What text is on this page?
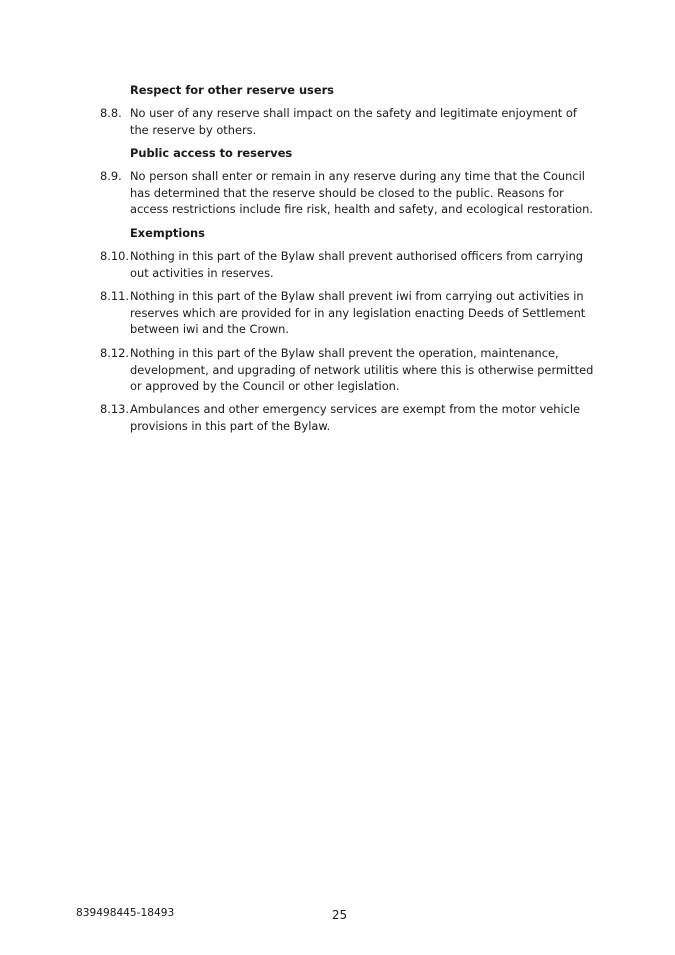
Respect for other reserve users
8.8. No user of any reserve shall impact on the safety and legitimate enjoyment of the reserve by others.
Public access to reserves
8.9. No person shall enter or remain in any reserve during any time that the Council has determined that the reserve should be closed to the public. Reasons for access restrictions include fire risk, health and safety, and ecological restoration.
Exemptions
8.10. Nothing in this part of the Bylaw shall prevent authorised officers from carrying out activities in reserves.
8.11. Nothing in this part of the Bylaw shall prevent iwi from carrying out activities in reserves which are provided for in any legislation enacting Deeds of Settlement between iwi and the Crown.
8.12. Nothing in this part of the Bylaw shall prevent the operation, maintenance, development, and upgrading of network utilitis where this is otherwise permitted or approved by the Council or other legislation.
8.13. Ambulances and other emergency services are exempt from the motor vehicle provisions in this part of the Bylaw.
839498445-18493	25
